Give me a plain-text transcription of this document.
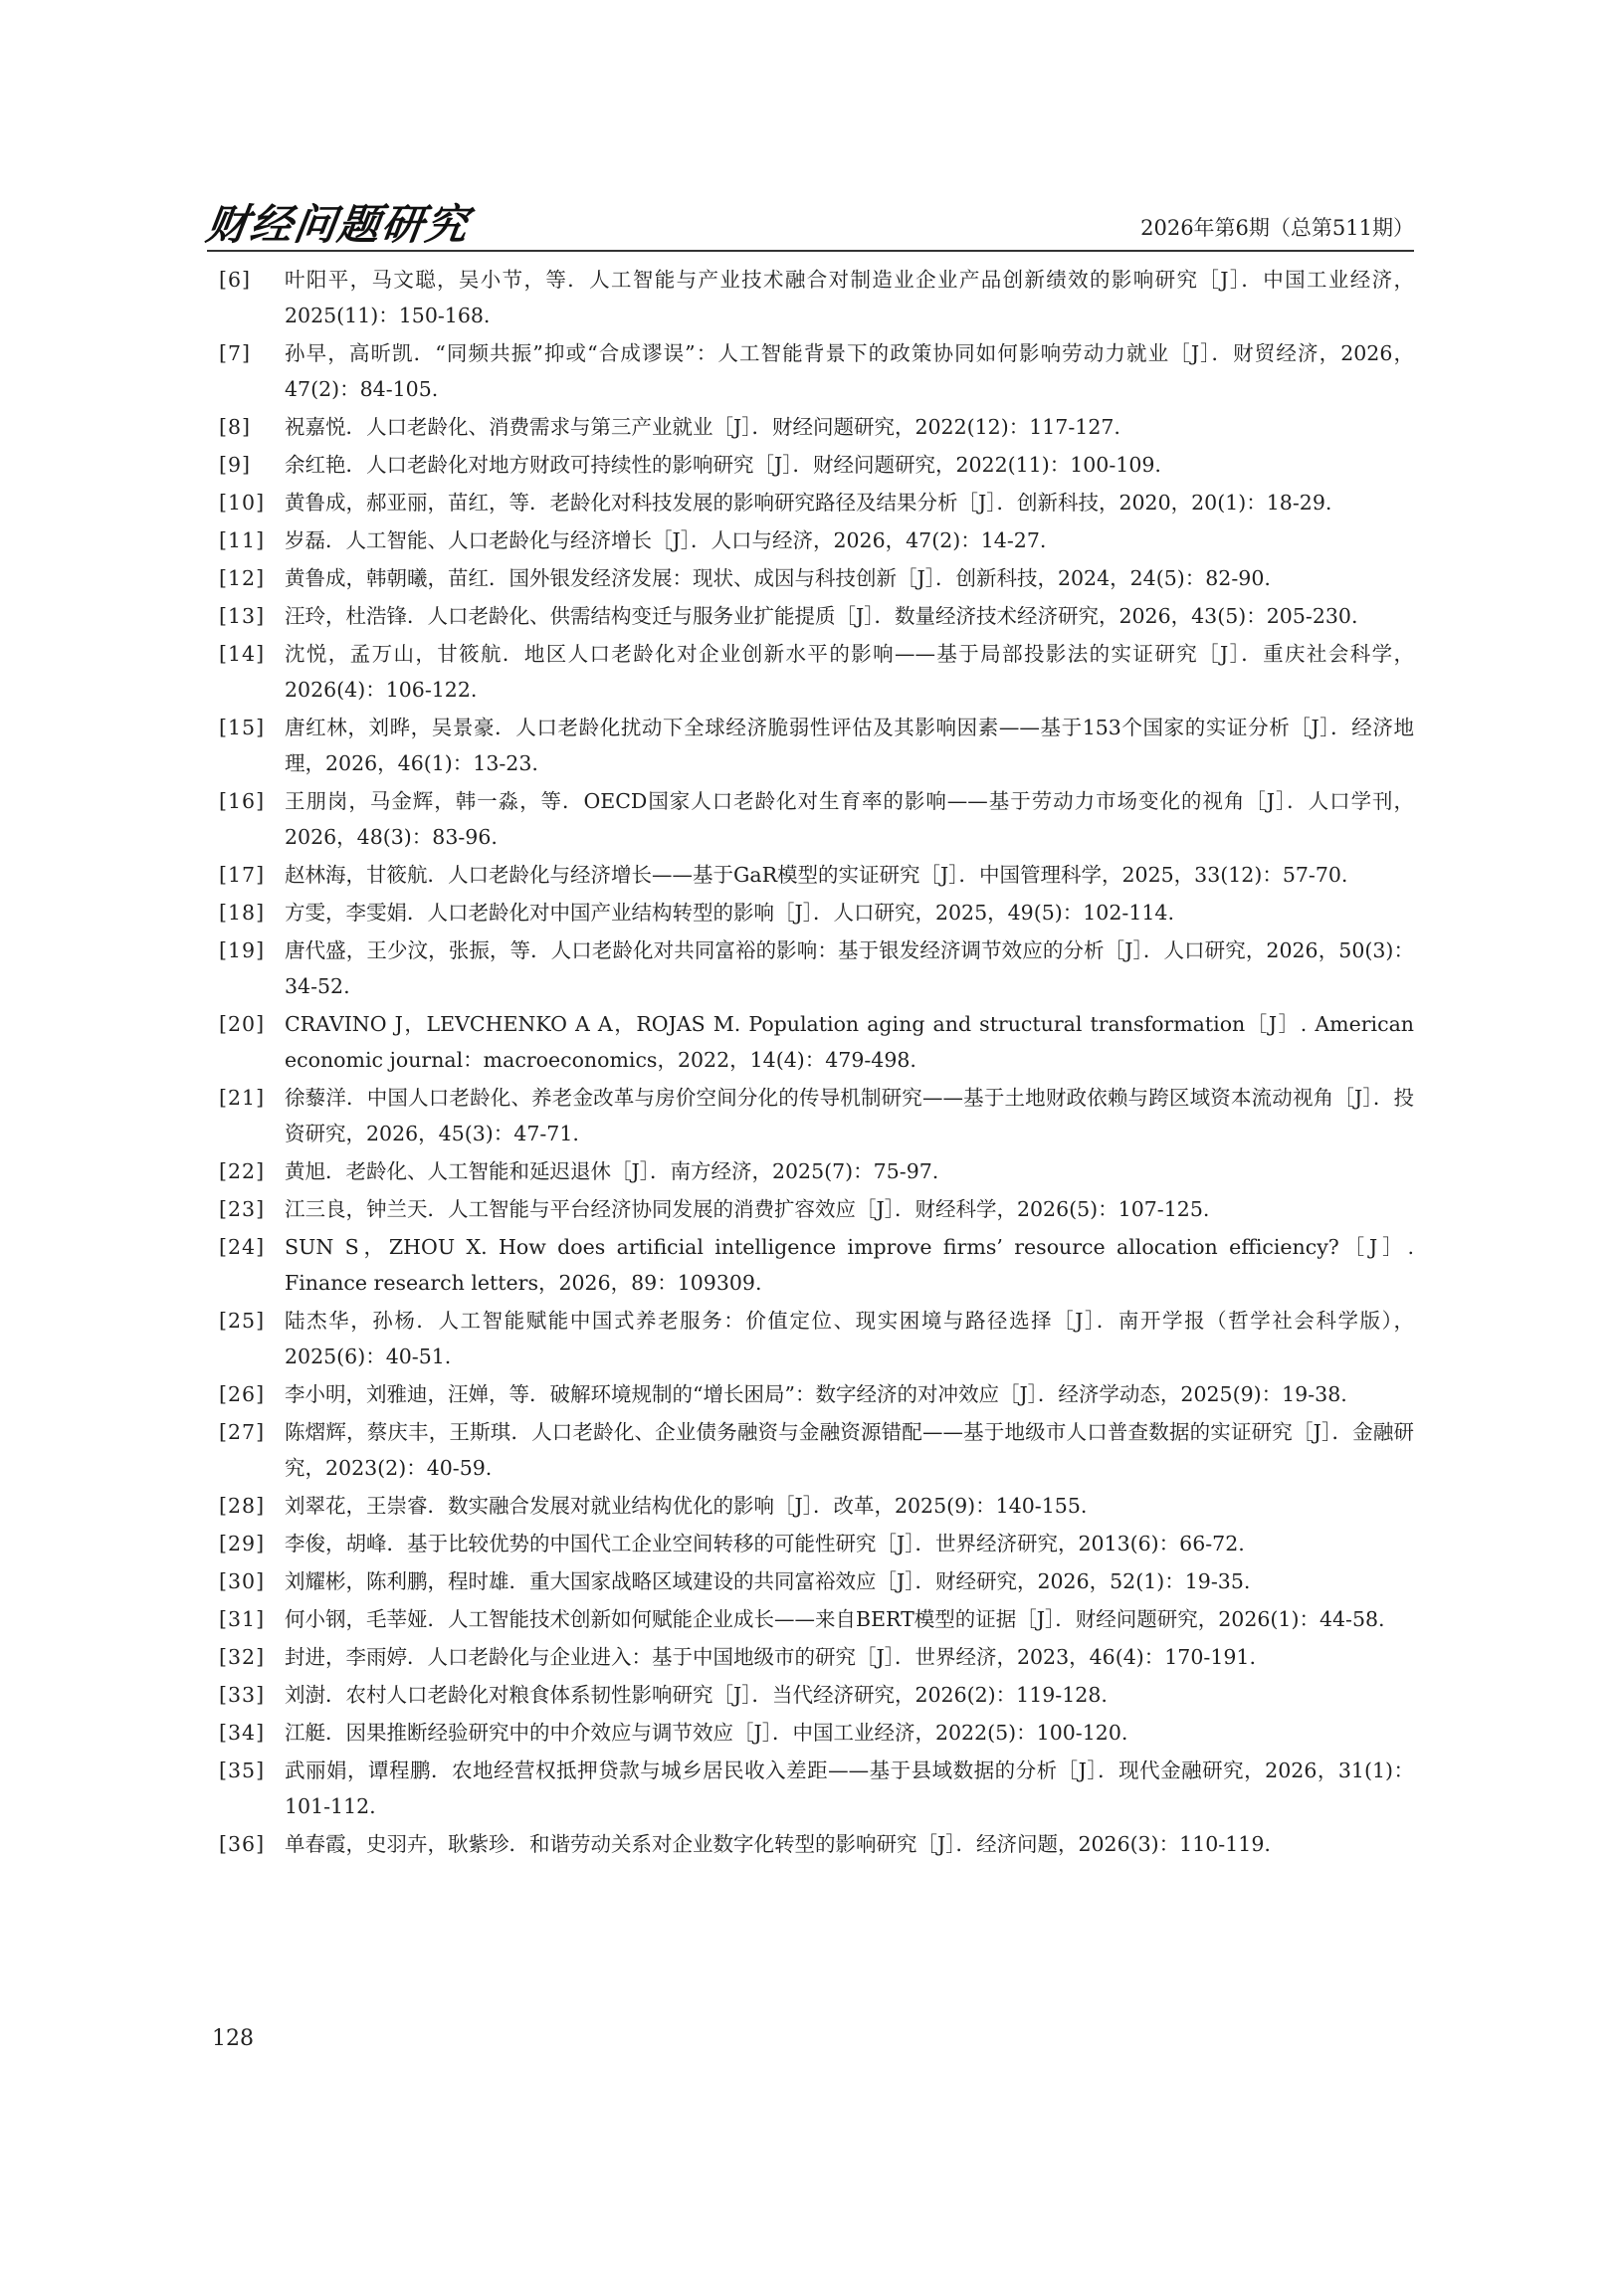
财经问题研究	2026年第6期（总第511期）
[6] 叶阳平，马文聪，吴小节，等．人工智能与产业技术融合对制造业企业产品创新绩效的影响研究［J］．中国工业经济，2025(11)：150-168.
[7] 孙早，高昕凯．“同频共振”抑或“合成谬误”：人工智能背景下的政策协同如何影响劳动力就业［J］．财贸经济，2026，47(2)：84-105.
[8] 祝嘉悦．人口老龄化、消费需求与第三产业就业［J］．财经问题研究，2022(12)：117-127.
[9] 余红艳．人口老龄化对地方财政可持续性的影响研究［J］．财经问题研究，2022(11)：100-109.
[10] 黄鲁成，郝亚丽，苗红，等．老龄化对科技发展的影响研究路径及结果分析［J］．创新科技，2020，20(1)：18-29.
[11] 岁磊．人工智能、人口老龄化与经济增长［J］．人口与经济，2026，47(2)：14-27.
[12] 黄鲁成，韩朝曦，苗红．国外银发经济发展：现状、成因与科技创新［J］．创新科技，2024，24(5)：82-90.
[13] 汪玲，杜浩锋．人口老龄化、供需结构变迁与服务业扩能提质［J］．数量经济技术经济研究，2026，43(5)：205-230.
[14] 沈悦，孟万山，甘筱航．地区人口老龄化对企业创新水平的影响——基于局部投影法的实证研究［J］．重庆社会科学，2026(4)：106-122.
[15] 唐红林，刘晔，吴景豪．人口老龄化扰动下全球经济脆弱性评估及其影响因素——基于153个国家的实证分析［J］．经济地理，2026，46(1)：13-23.
[16] 王朋岗，马金辉，韩一淼，等．OECD国家人口老龄化对生育率的影响——基于劳动力市场变化的视角［J］．人口学刊，2026，48(3)：83-96.
[17] 赵林海，甘筱航．人口老龄化与经济增长——基于GaR模型的实证研究［J］．中国管理科学，2025，33(12)：57-70.
[18] 方雯，李雯娟．人口老龄化对中国产业结构转型的影响［J］．人口研究，2025，49(5)：102-114.
[19] 唐代盛，王少汶，张振，等．人口老龄化对共同富裕的影响：基于银发经济调节效应的分析［J］．人口研究，2026，50(3)：34-52.
[20] CRAVINO J，LEVCHENKO A A，ROJAS M. Population aging and structural transformation［J］. American economic journal：macroeconomics，2022，14(4)：479-498.
[21] 徐藜洋．中国人口老龄化、养老金改革与房价空间分化的传导机制研究——基于土地财政依赖与跨区域资本流动视角［J］．投资研究，2026，45(3)：47-71.
[22] 黄旭．老龄化、人工智能和延迟退休［J］．南方经济，2025(7)：75-97.
[23] 江三良，钟兰天．人工智能与平台经济协同发展的消费扩容效应［J］．财经科学，2026(5)：107-125.
[24] SUN S，ZHOU X. How does artificial intelligence improve firms’ resource allocation efficiency?［J］. Finance research letters，2026，89：109309.
[25] 陆杰华，孙杨．人工智能赋能中国式养老服务：价值定位、现实困境与路径选择［J］．南开学报（哲学社会科学版），2025(6)：40-51.
[26] 李小明，刘雅迪，汪婵，等．破解环境规制的“增长困局”：数字经济的对冲效应［J］．经济学动态，2025(9)：19-38.
[27] 陈熠辉，蔡庆丰，王斯琪．人口老龄化、企业债务融资与金融资源错配——基于地级市人口普查数据的实证研究［J］．金融研究，2023(2)：40-59.
[28] 刘翠花，王崇睿．数实融合发展对就业结构优化的影响［J］．改革，2025(9)：140-155.
[29] 李俊，胡峰．基于比较优势的中国代工企业空间转移的可能性研究［J］．世界经济研究，2013(6)：66-72.
[30] 刘耀彬，陈利鹏，程时雄．重大国家战略区域建设的共同富裕效应［J］．财经研究，2026，52(1)：19-35.
[31] 何小钢，毛莘娅．人工智能技术创新如何赋能企业成长——来自BERT模型的证据［J］．财经问题研究，2026(1)：44-58.
[32] 封进，李雨婷．人口老龄化与企业进入：基于中国地级市的研究［J］．世界经济，2023，46(4)：170-191.
[33] 刘澍．农村人口老龄化对粮食体系韧性影响研究［J］．当代经济研究，2026(2)：119-128.
[34] 江艇．因果推断经验研究中的中介效应与调节效应［J］．中国工业经济，2022(5)：100-120.
[35] 武丽娟，谭程鹏．农地经营权抵押贷款与城乡居民收入差距——基于县域数据的分析［J］．现代金融研究，2026，31(1)：101-112.
[36] 单春霞，史羽卉，耿紫珍．和谐劳动关系对企业数字化转型的影响研究［J］．经济问题，2026(3)：110-119.
128
